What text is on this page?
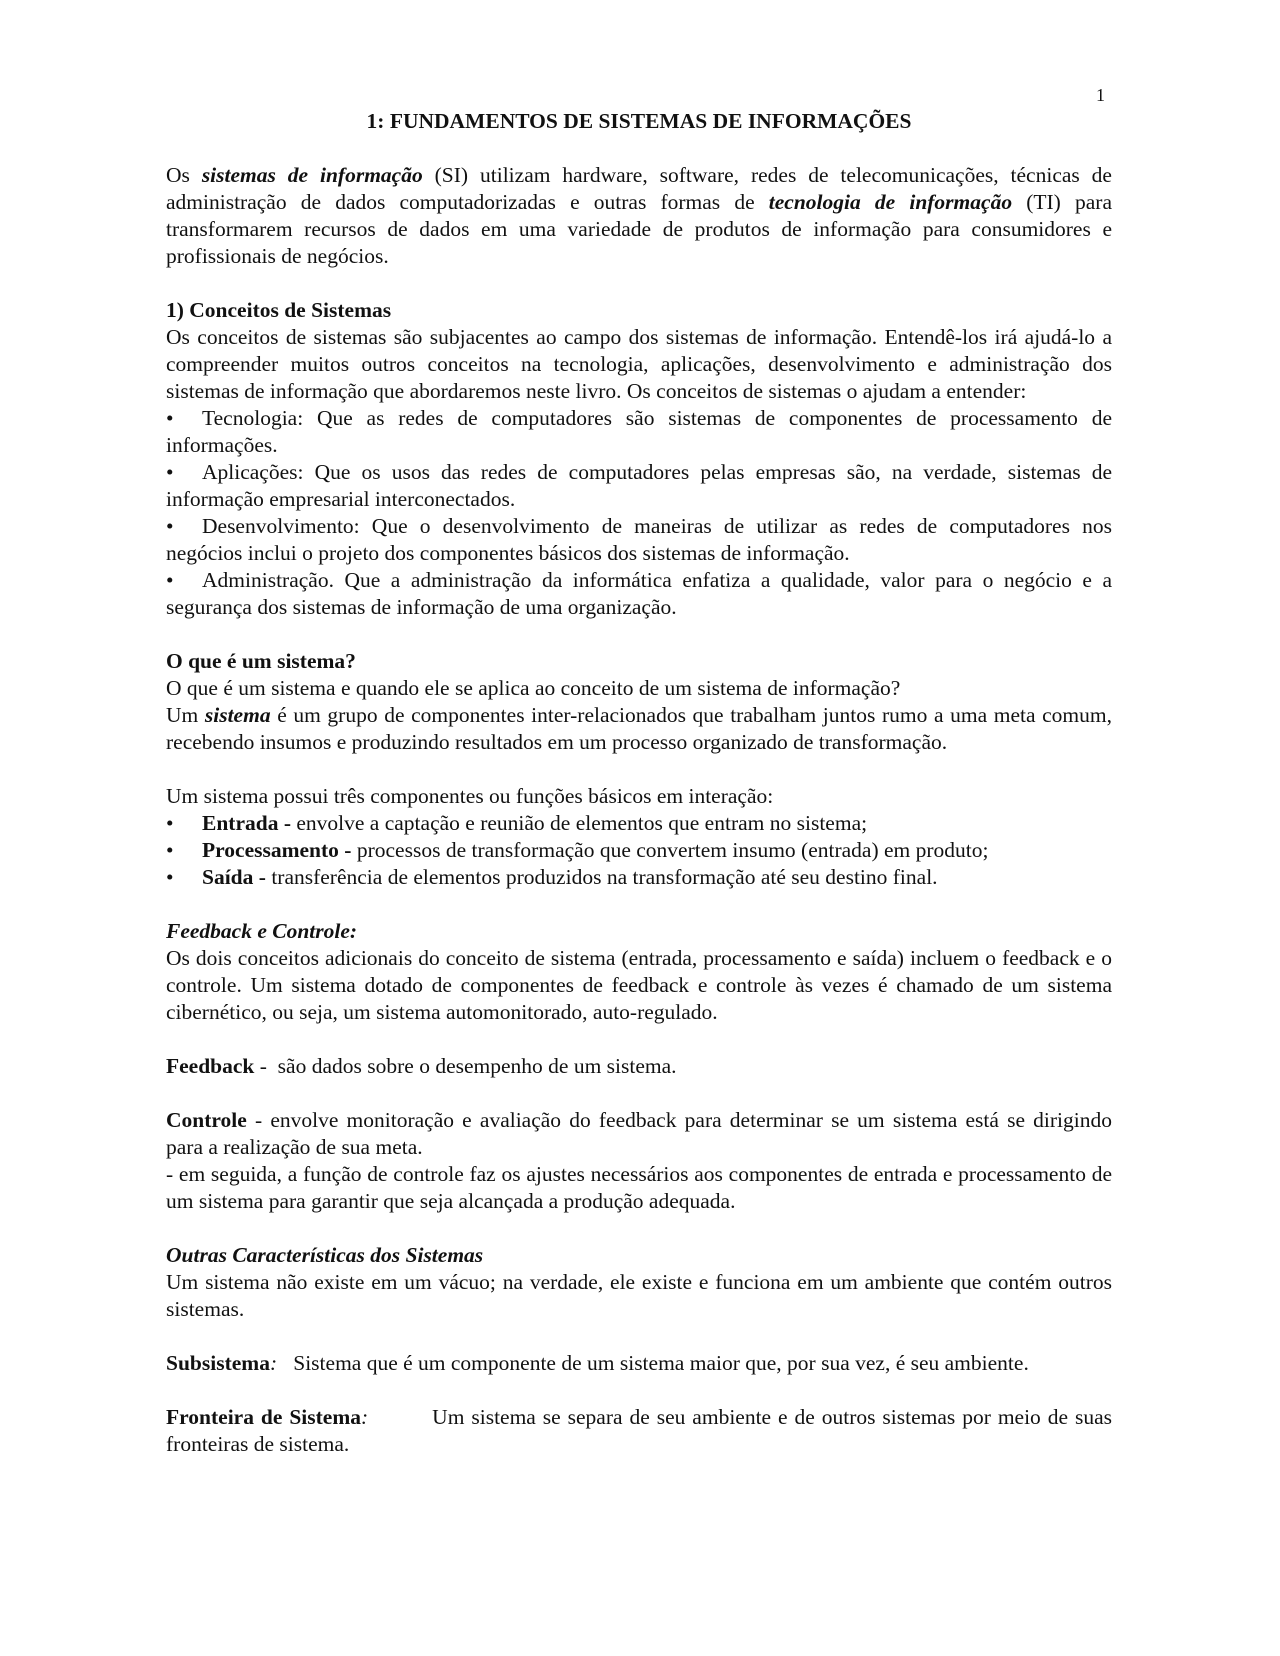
1

1: FUNDAMENTOS DE SISTEMAS DE INFORMAÇÕES

Os sistemas de informação (SI) utilizam hardware, software, redes de telecomunicações, técnicas de administração de dados computadorizadas e outras formas de tecnologia de informação (TI) para transformarem recursos de dados em uma variedade de produtos de informação para consumidores e profissionais de negócios.

1) Conceitos de Sistemas

Os conceitos de sistemas são subjacentes ao campo dos sistemas de informação. Entendê-los irá ajudá-lo a compreender muitos outros conceitos na tecnologia, aplicações, desenvolvimento e administração dos sistemas de informação que abordaremos neste livro. Os conceitos de sistemas o ajudam a entender:

• Tecnologia: Que as redes de computadores são sistemas de componentes de processamento de informações.

• Aplicações: Que os usos das redes de computadores pelas empresas são, na verdade, sistemas de informação empresarial interconectados.

• Desenvolvimento: Que o desenvolvimento de maneiras de utilizar as redes de computadores nos negócios inclui o projeto dos componentes básicos dos sistemas de informação.

• Administração. Que a administração da informática enfatiza a qualidade, valor para o negócio e a segurança dos sistemas de informação de uma organização.

O que é um sistema?

O que é um sistema e quando ele se aplica ao conceito de um sistema de informação?

Um sistema é um grupo de componentes inter-relacionados que trabalham juntos rumo a uma meta comum, recebendo insumos e produzindo resultados em um processo organizado de transformação.

Um sistema possui três componentes ou funções básicos em interação:

•	Entrada - envolve a captação e reunião de elementos que entram no sistema;

•	Processamento - processos de transformação que convertem insumo (entrada) em produto;

•	Saída - transferência de elementos produzidos na transformação até seu destino final.

Feedback e Controle:

Os dois conceitos adicionais do conceito de sistema (entrada, processamento e saída) incluem o feedback e o controle. Um sistema dotado de componentes de feedback e controle às vezes é chamado de um sistema cibernético, ou seja, um sistema automonitorado, auto-regulado.

Feedback -  são dados sobre o desempenho de um sistema.

Controle - envolve monitoração e avaliação do feedback para determinar se um sistema está se dirigindo para a realização de sua meta.

- em seguida, a função de controle faz os ajustes necessários aos componentes de entrada e processamento de um sistema para garantir que seja alcançada a produção adequada.

Outras Características dos Sistemas

Um sistema não existe em um vácuo; na verdade, ele existe e funciona em um ambiente que contém outros sistemas.

Subsistema:   Sistema que é um componente de um sistema maior que, por sua vez, é seu ambiente.

Fronteira de Sistema:	Um sistema se separa de seu ambiente e de outros sistemas por meio de suas fronteiras de sistema.
